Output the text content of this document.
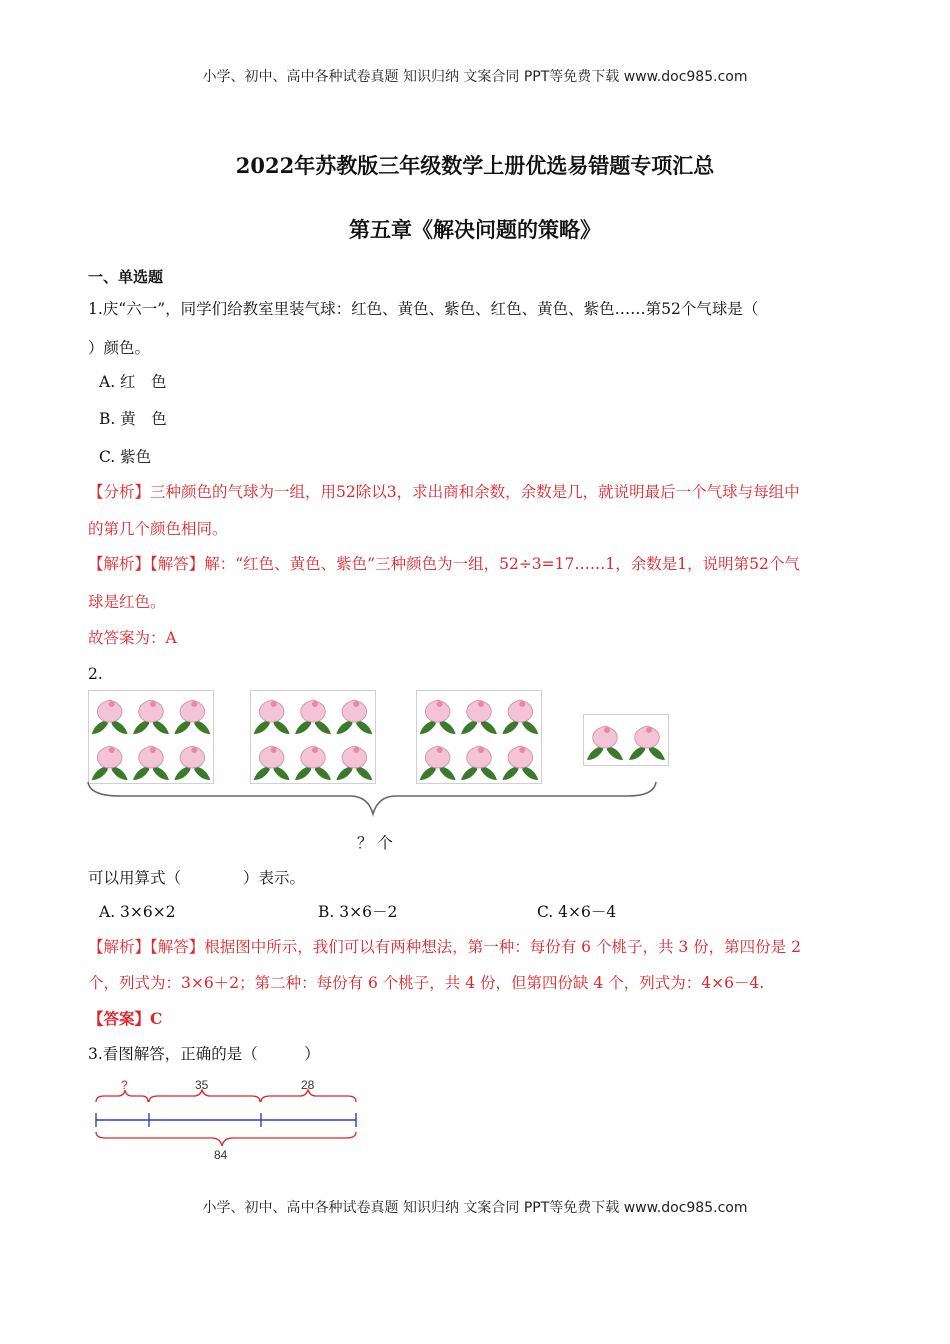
小学、初中、高中各种试卷真题 知识归纳 文案合同 PPT等免费下载 www.doc985.com
2022年苏教版三年级数学上册优选易错题专项汇总
第五章《解决问题的策略》
一、单选题
1.庆“六一”，同学们给教室里装气球：红色、黄色、紫色、红色、黄色、紫色……第52个气球是（
）颜色。
A. 红　色
B. 黄　色
C. 紫色
【分析】三种颜色的气球为一组，用52除以3，求出商和余数，余数是几，就说明最后一个气球与每组中
的第几个颜色相同。
【解析】【解答】解：“红色、黄色、紫色”三种颜色为一组，52÷3=17……1，余数是1，说明第52个气
球是红色。
故答案为：A
2.
？ 个
可以用算式（　　　　）表示。
A. 3×6×2	B. 3×6－2	C. 4×6－4
【解析】【解答】根据图中所示，我们可以有两种想法，第一种：每份有 6 个桃子，共 3 份，第四份是 2
个，列式为：3×6＋2；第二种：每份有 6 个桃子，共 4 份，但第四份缺 4 个，列式为：4×6－4.
【答案】C
3.看图解答，正确的是（　　　）
?	35	28
84
小学、初中、高中各种试卷真题 知识归纳 文案合同 PPT等免费下载 www.doc985.com
